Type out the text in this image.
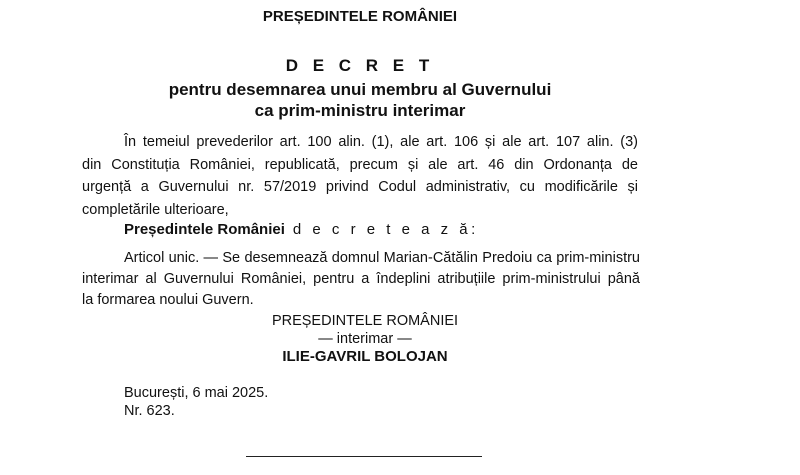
PREȘEDINTELE ROMÂNIEI
D E C R E T
pentru desemnarea unui membru al Guvernului
ca prim-ministru interimar
În temeiul prevederilor art. 100 alin. (1), ale art. 106 și ale art. 107 alin. (3)
din Constituția României, republicată, precum și ale art. 46 din Ordonanța de
urgență a Guvernului nr. 57/2019 privind Codul administrativ, cu modificările și
completările ulterioare,
Președintele României d e c r e t e a z ă:
Articol unic. — Se desemnează domnul Marian-Cătălin Predoiu ca prim-ministru
interimar al Guvernului României, pentru a îndeplini atribuțiile prim-ministrului până
la formarea noului Guvern.
PREȘEDINTELE ROMÂNIEI
— interimar —
ILIE-GAVRIL BOLOJAN
București, 6 mai 2025.
Nr. 623.
